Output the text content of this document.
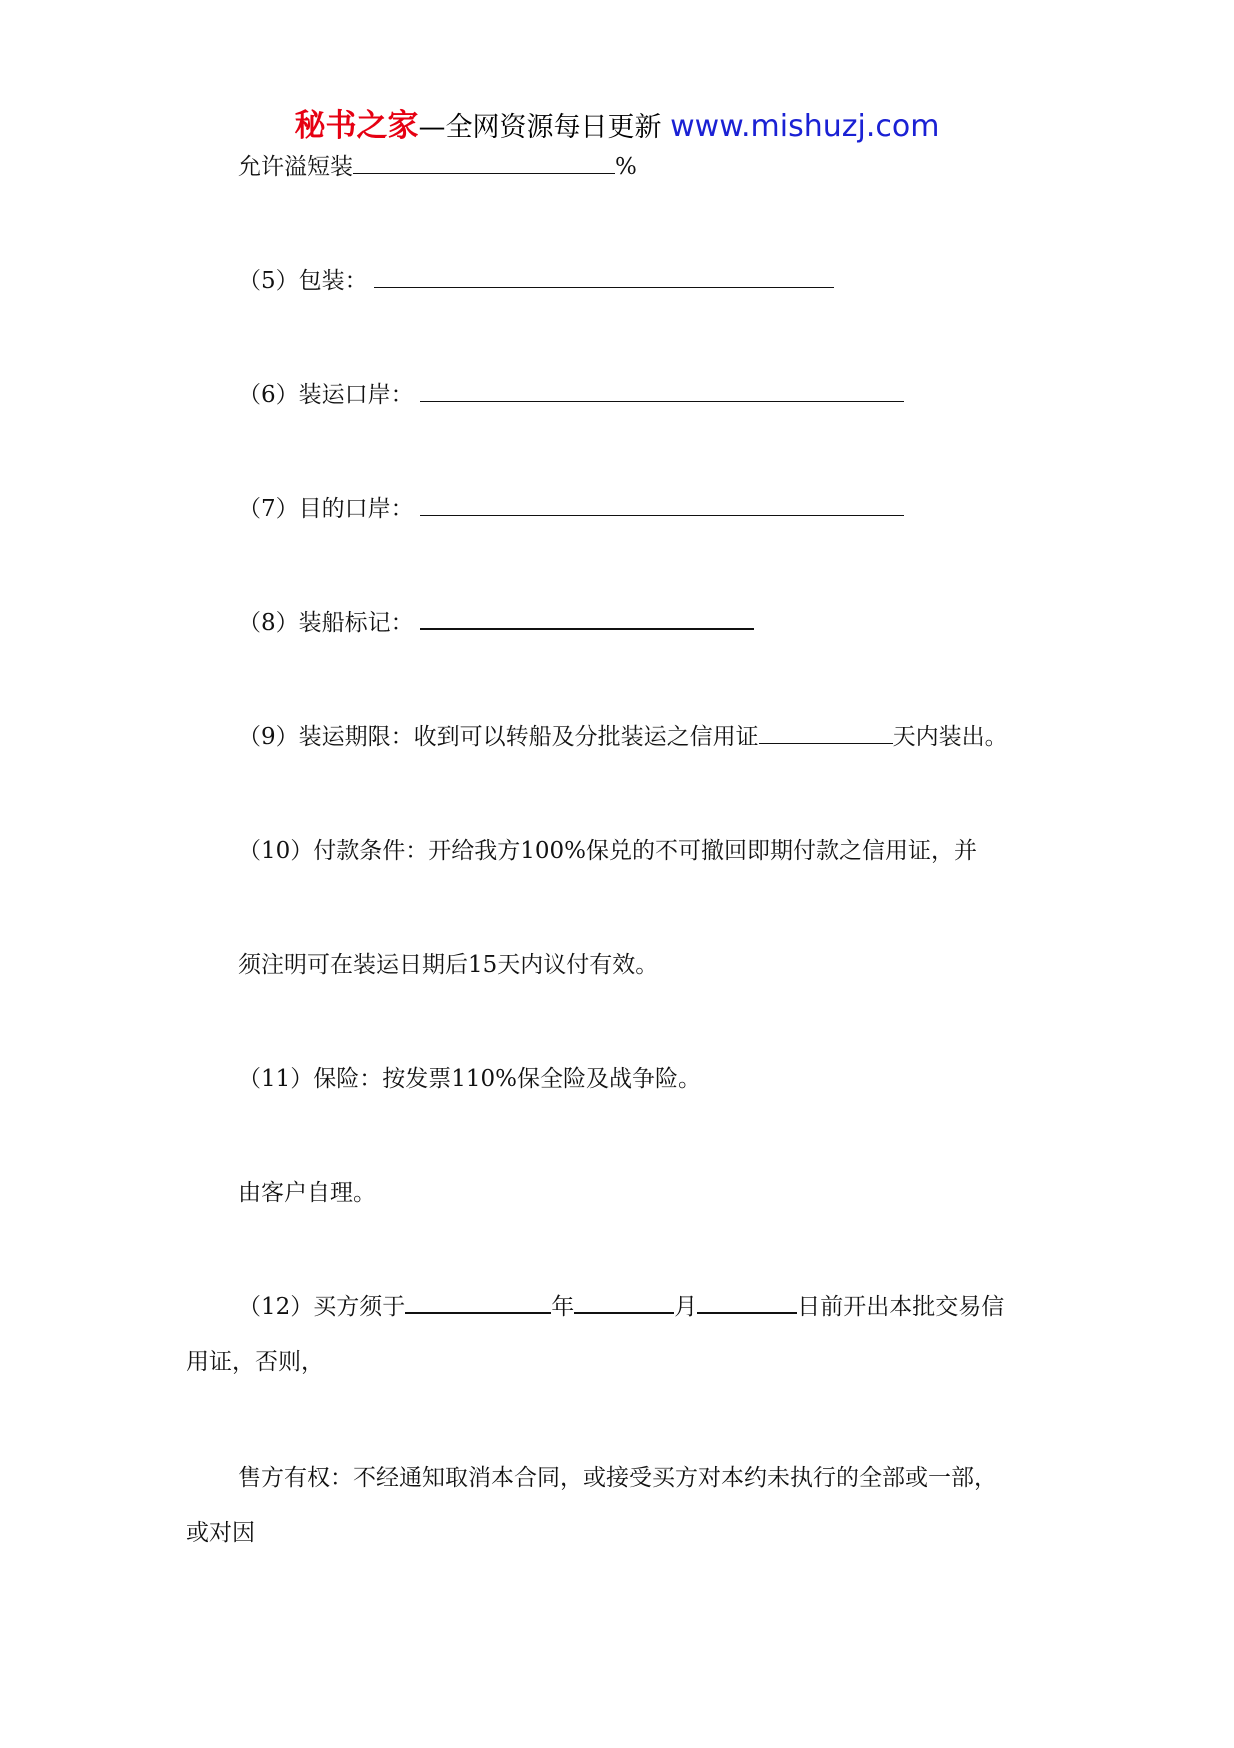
秘书之家—全网资源每日更新 www.mishuzj.com
允许溢短装	%
（5）包装：
（6）装运口岸：
（7）目的口岸：
（8）装船标记：
（9）装运期限：收到可以转船及分批装运之信用证	天内装出。
（10）付款条件：开给我方100%保兑的不可撤回即期付款之信用证，并
须注明可在装运日期后15天内议付有效。
（11）保险：按发票110%保全险及战争险。
由客户自理。
（12）买方须于	年	月	日前开出本批交易信
用证，否则，
售方有权：不经通知取消本合同，或接受买方对本约未执行的全部或一部，
或对因
